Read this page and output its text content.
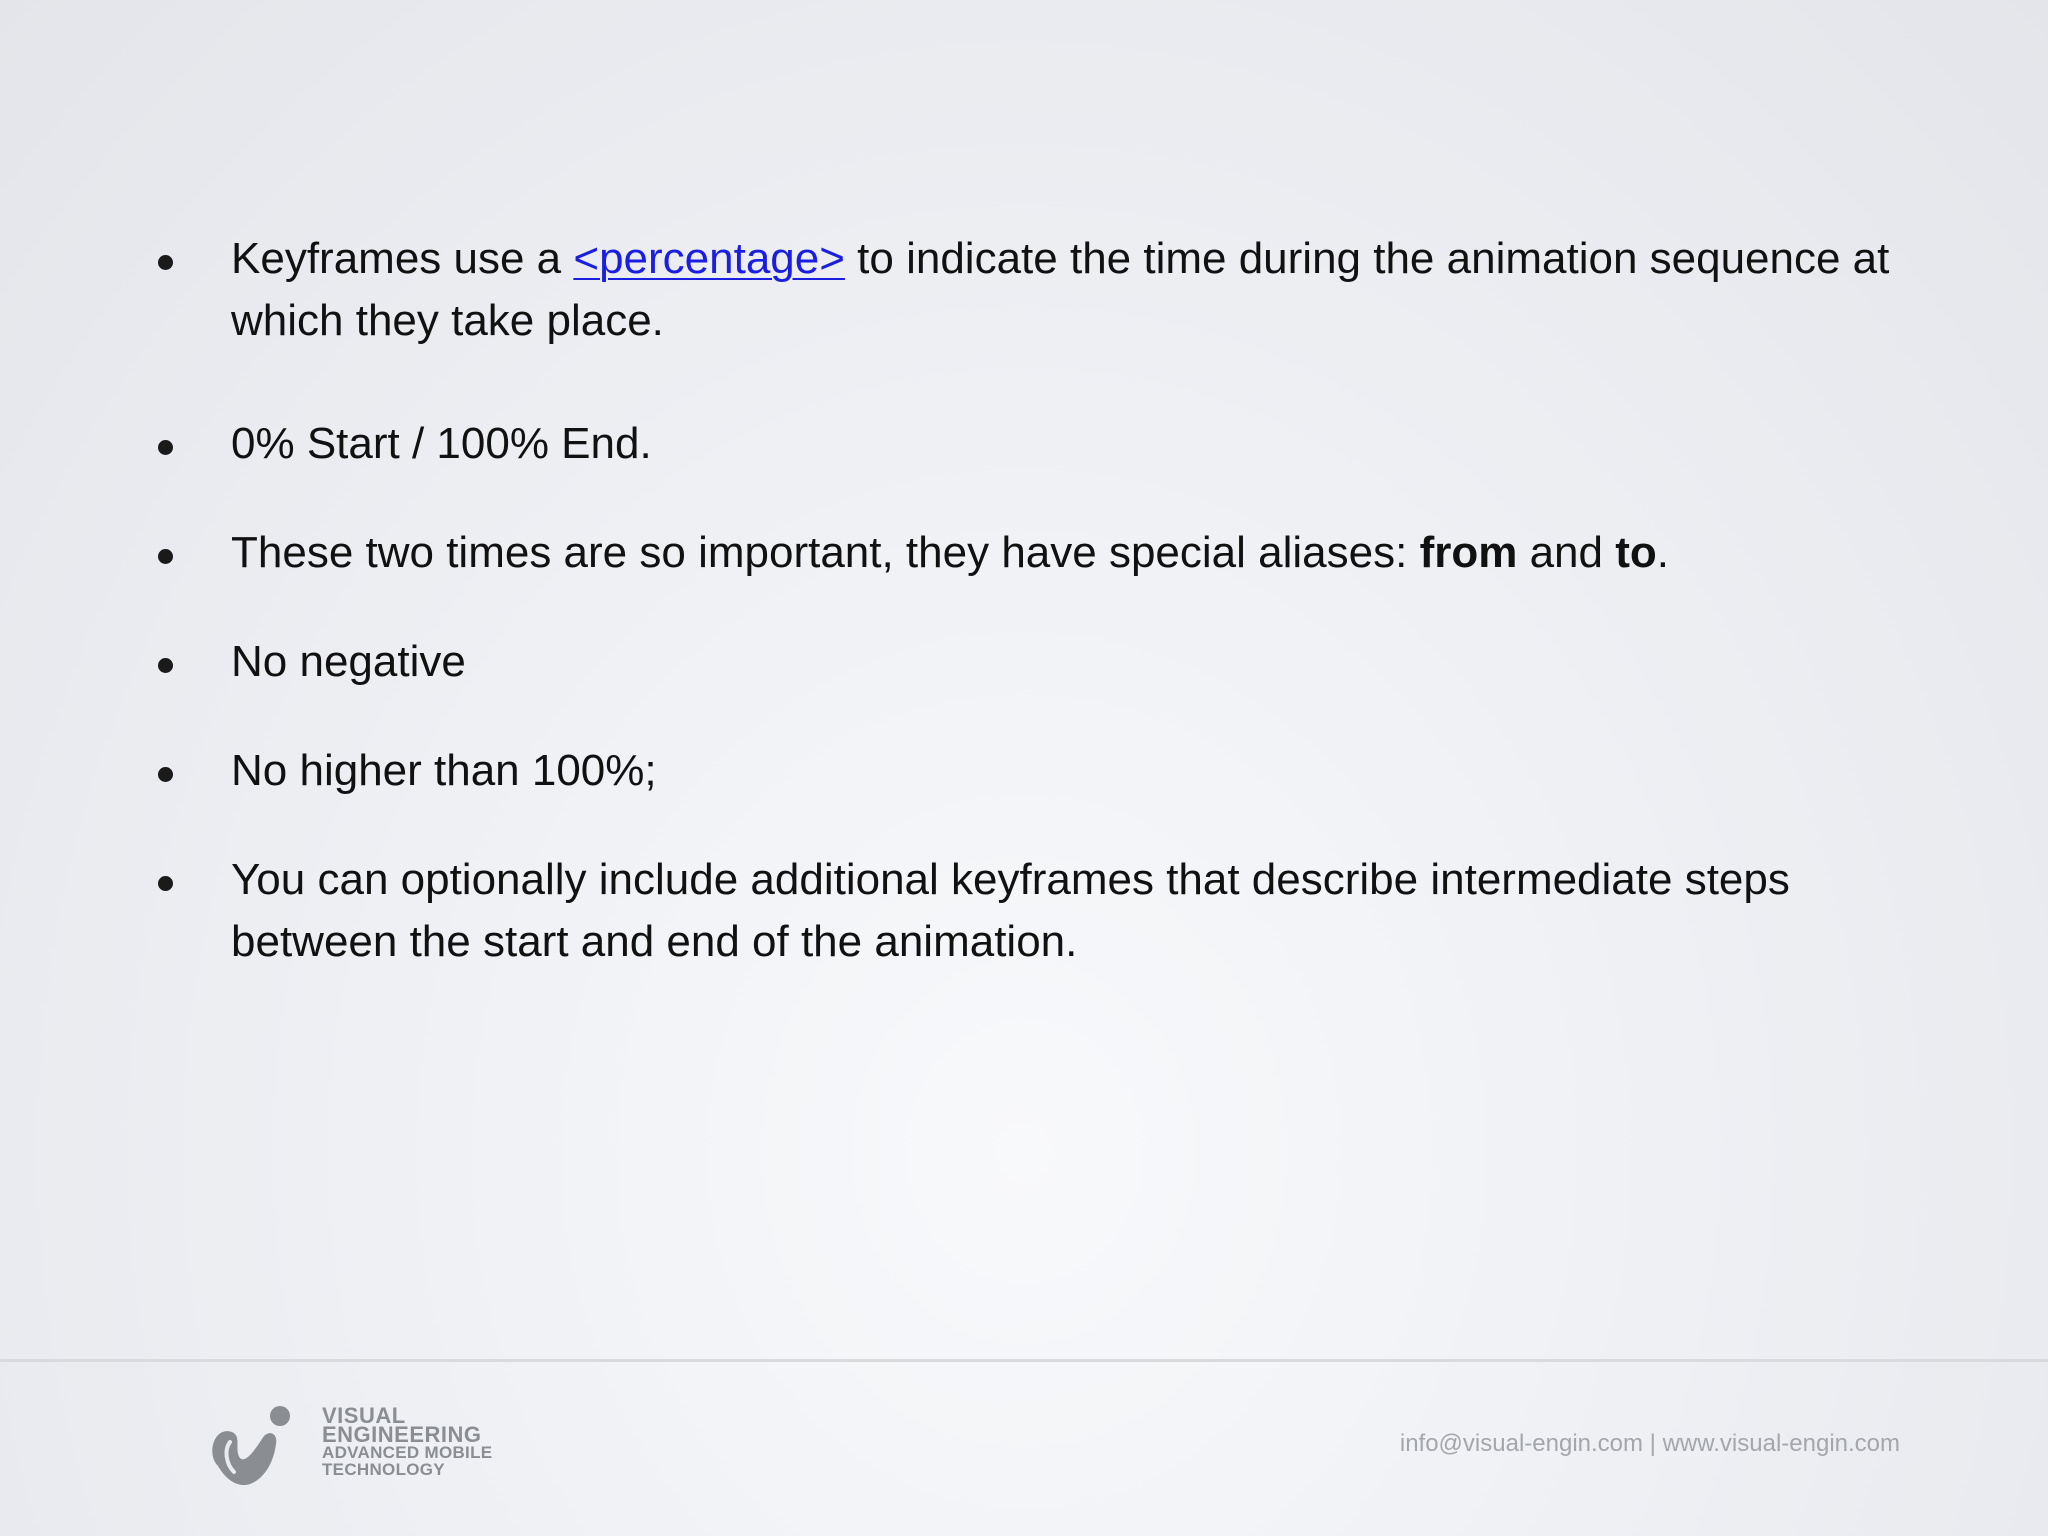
Keyframes use a <percentage> to indicate the time during the animation sequence at which they take place.
0% Start / 100% End.
These two times are so important, they have special aliases: from and to.
No negative
No higher than 100%;
You can optionally include additional keyframes that describe intermediate steps between the start and end of the animation.
VISUAL
ENGINEERING
ADVANCED MOBILE
TECHNOLOGY
info@visual-engin.com | www.visual-engin.com
